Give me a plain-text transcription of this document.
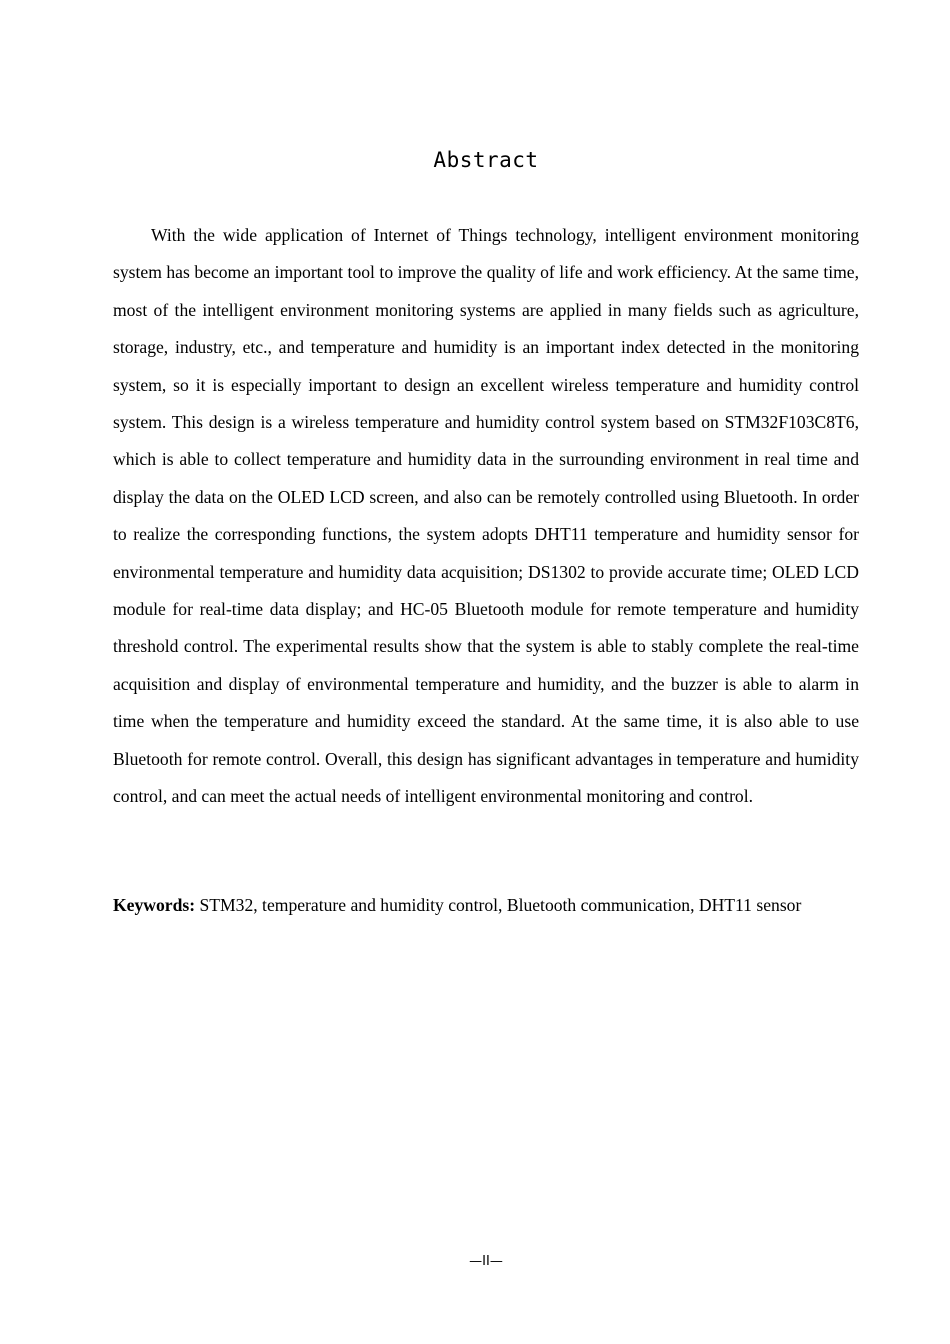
Abstract

With the wide application of Internet of Things technology, intelligent environment monitoring system has become an important tool to improve the quality of life and work efficiency. At the same time, most of the intelligent environment monitoring systems are applied in many fields such as agriculture, storage, industry, etc., and temperature and humidity is an important index detected in the monitoring system, so it is especially important to design an excellent wireless temperature and humidity control system. This design is a wireless temperature and humidity control system based on STM32F103C8T6, which is able to collect temperature and humidity data in the surrounding environment in real time and display the data on the OLED LCD screen, and also can be remotely controlled using Bluetooth. In order to realize the corresponding functions, the system adopts DHT11 temperature and humidity sensor for environmental temperature and humidity data acquisition; DS1302 to provide accurate time; OLED LCD module for real-time data display; and HC-05 Bluetooth module for remote temperature and humidity threshold control. The experimental results show that the system is able to stably complete the real-time acquisition and display of environmental temperature and humidity, and the buzzer is able to alarm in time when the temperature and humidity exceed the standard. At the same time, it is also able to use Bluetooth for remote control. Overall, this design has significant advantages in temperature and humidity control, and can meet the actual needs of intelligent environmental monitoring and control.

Keywords: STM32, temperature and humidity control, Bluetooth communication, DHT11 sensor

—II—
